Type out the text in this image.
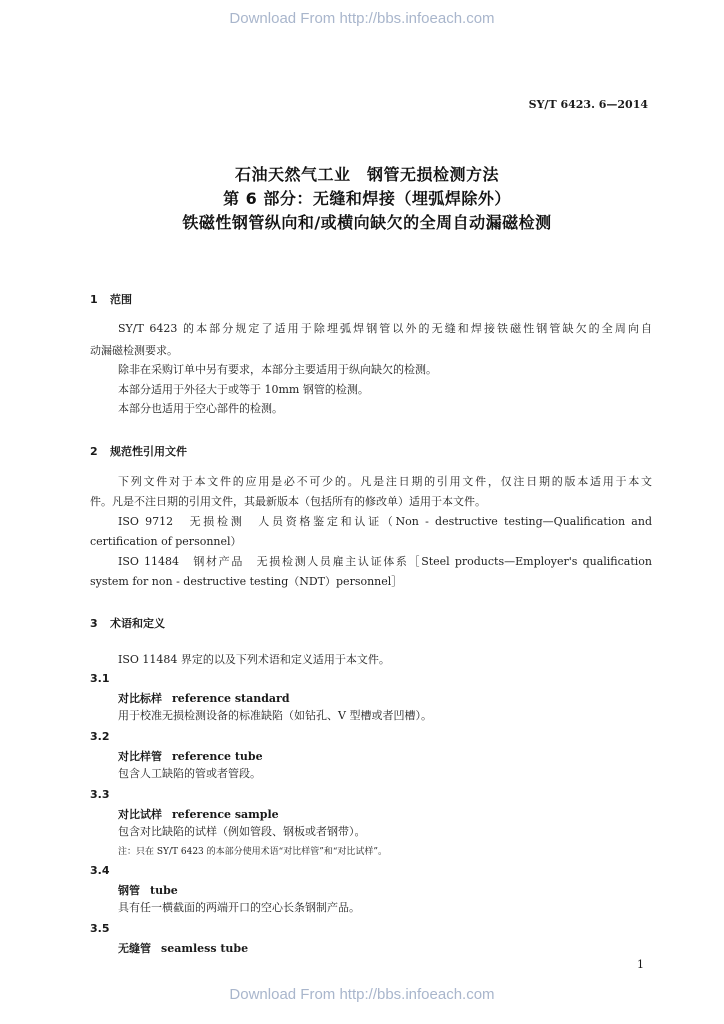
Download From http://bbs.infoeach.com
Download From http://bbs.infoeach.com
SY/T 6423. 6—2014
石油天然气工业　钢管无损检测方法
第 6 部分：无缝和焊接（埋弧焊除外）
铁磁性钢管纵向和/或横向缺欠的全周自动漏磁检测
1 范围
SY/T 6423 的本部分规定了适用于除埋弧焊钢管以外的无缝和焊接铁磁性钢管缺欠的全周向自
动漏磁检测要求。
除非在采购订单中另有要求，本部分主要适用于纵向缺欠的检测。
本部分适用于外径大于或等于 10mm 钢管的检测。
本部分也适用于空心部件的检测。
2 规范性引用文件
下列文件对于本文件的应用是必不可少的。凡是注日期的引用文件，仅注日期的版本适用于本文
件。凡是不注日期的引用文件，其最新版本（包括所有的修改单）适用于本文件。
ISO 9712　无损检测　人员资格鉴定和认证（Non - destructive testing—Qualification and
certification of personnel）
ISO 11484　钢材产品　无损检测人员雇主认证体系［Steel products—Employer's qualification
system for non - destructive testing（NDT）personnel］
3 术语和定义
ISO 11484 界定的以及下列术语和定义适用于本文件。
3.1
对比标样 reference standard
用于校准无损检测设备的标准缺陷（如钻孔、V 型槽或者凹槽）。
3.2
对比样管 reference tube
包含人工缺陷的管或者管段。
3.3
对比试样 reference sample
包含对比缺陷的试样（例如管段、钢板或者钢带）。
注：只在 SY/T 6423 的本部分使用术语“对比样管”和“对比试样”。
3.4
钢管 tube
具有任一横截面的两端开口的空心长条钢制产品。
3.5
无缝管 seamless tube
1
